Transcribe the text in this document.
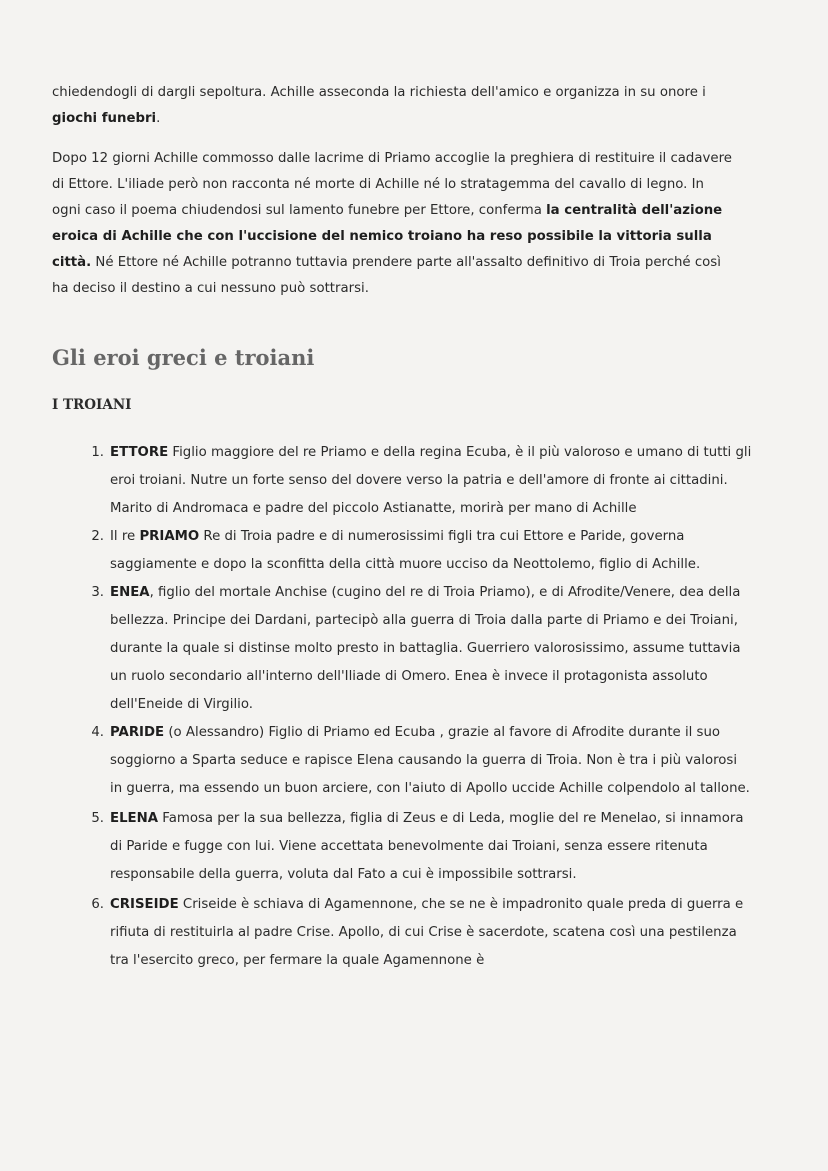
chiedendogli di dargli sepoltura. Achille asseconda la richiesta dell'amico e organizza in su onore i giochi funebri.

Dopo 12 giorni Achille commosso dalle lacrime di Priamo accoglie la preghiera di restituire il cadavere di Ettore. L'iliade però non racconta né morte di Achille né lo stratagemma del cavallo di legno. In ogni caso il poema chiudendosi sul lamento funebre per Ettore, conferma la centralità dell'azione eroica di Achille che con l'uccisione del nemico troiano ha reso possibile la vittoria sulla città. Né Ettore né Achille potranno tuttavia prendere parte all'assalto definitivo di Troia perché così ha deciso il destino a cui nessuno può sottrarsi.

Gli eroi greci e troiani
I TROIANI
1. ETTORE Figlio maggiore del re Priamo e della regina Ecuba, è il più valoroso e umano di tutti gli eroi troiani. Nutre un forte senso del dovere verso la patria e dell'amore di fronte ai cittadini. Marito di Andromaca e padre del piccolo Astianatte, morirà per mano di Achille
2. Il re PRIAMO Re di Troia padre e di numerosissimi figli tra cui Ettore e Paride, governa saggiamente e dopo la sconfitta della città muore ucciso da Neottolemo, figlio di Achille.
3. ENEA, figlio del mortale Anchise (cugino del re di Troia Priamo), e di Afrodite/Venere, dea della bellezza. Principe dei Dardani, partecipò alla guerra di Troia dalla parte di Priamo e dei Troiani, durante la quale si distinse molto presto in battaglia. Guerriero valorosissimo, assume tuttavia un ruolo secondario all'interno dell'Iliade di Omero. Enea è invece il protagonista assoluto dell'Eneide di Virgilio.
4. PARIDE (o Alessandro) Figlio di Priamo ed Ecuba , grazie al favore di Afrodite durante il suo soggiorno a Sparta seduce e rapisce Elena causando la guerra di Troia. Non è tra i più valorosi in guerra, ma essendo un buon arciere, con l'aiuto di Apollo uccide Achille colpendolo al tallone.
5. ELENA Famosa per la sua bellezza, figlia di Zeus e di Leda, moglie del re Menelao, si innamora di Paride e fugge con lui. Viene accettata benevolmente dai Troiani, senza essere ritenuta responsabile della guerra, voluta dal Fato a cui è impossibile sottrarsi.
6. CRISEIDE Criseide è schiava di Agamennone, che se ne è impadronito quale preda di guerra e rifiuta di restituirla al padre Crise. Apollo, di cui Crise è sacerdote, scatena così una pestilenza tra l'esercito greco, per fermare la quale Agamennone è
